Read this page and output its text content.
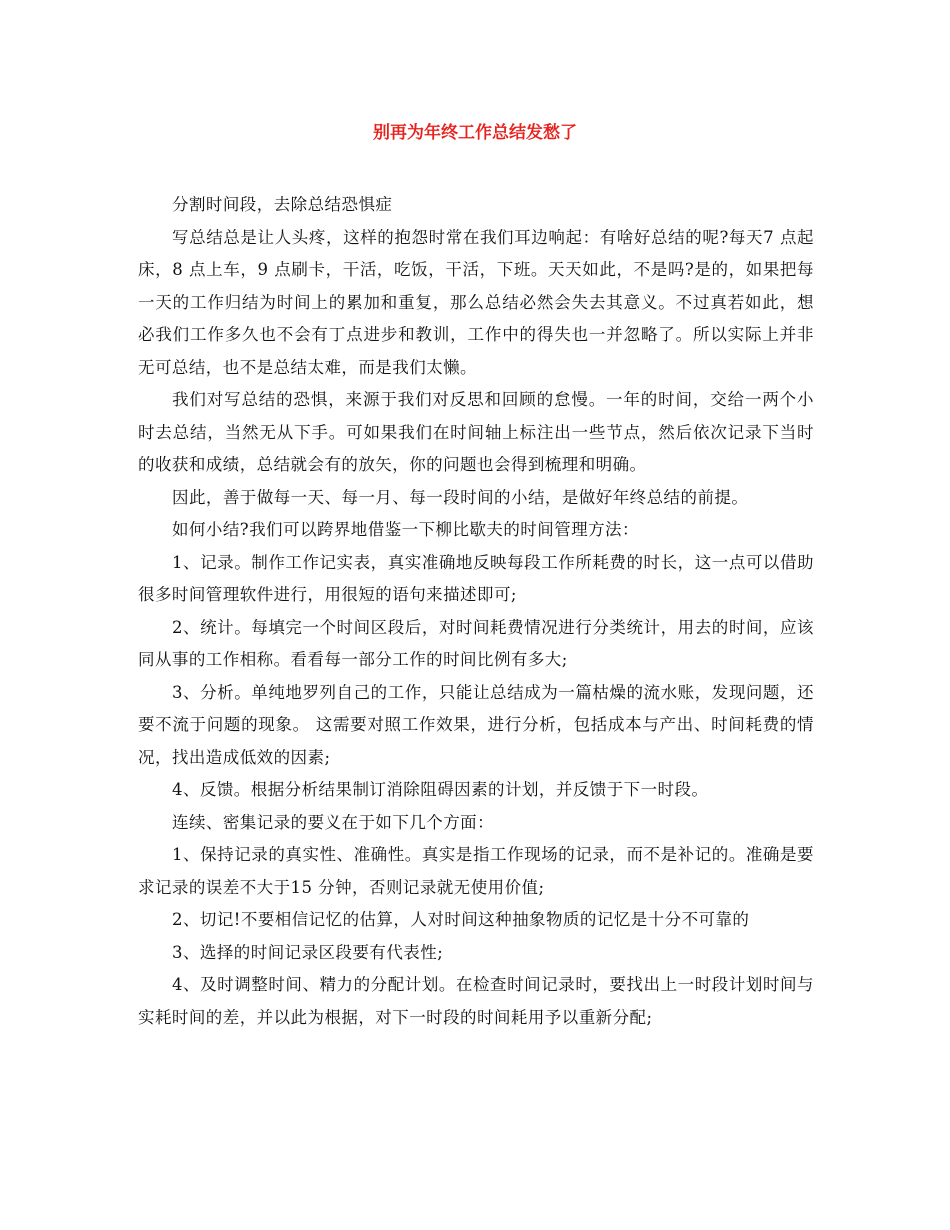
别再为年终工作总结发愁了

分割时间段，去除总结恐惧症

写总结总是让人头疼，这样的抱怨时常在我们耳边响起：有啥好总结的呢?每天7 点起床，8 点上车，9 点刷卡，干活，吃饭，干活，下班。天天如此，不是吗?是的，如果把每一天的工作归结为时间上的累加和重复，那么总结必然会失去其意义。不过真若如此，想必我们工作多久也不会有丁点进步和教训，工作中的得失也一并忽略了。所以实际上并非无可总结，也不是总结太难，而是我们太懒。

我们对写总结的恐惧，来源于我们对反思和回顾的怠慢。一年的时间，交给一两个小时去总结，当然无从下手。可如果我们在时间轴上标注出一些节点，然后依次记录下当时的收获和成绩，总结就会有的放矢，你的问题也会得到梳理和明确。

因此，善于做每一天、每一月、每一段时间的小结，是做好年终总结的前提。

如何小结?我们可以跨界地借鉴一下柳比歇夫的时间管理方法：

1、记录。制作工作记实表，真实准确地反映每段工作所耗费的时长，这一点可以借助很多时间管理软件进行，用很短的语句来描述即可;

2、统计。每填完一个时间区段后，对时间耗费情况进行分类统计，用去的时间，应该同从事的工作相称。看看每一部分工作的时间比例有多大;

3、分析。单纯地罗列自己的工作，只能让总结成为一篇枯燥的流水账，发现问题，还要不流于问题的现象。 这需要对照工作效果，进行分析，包括成本与产出、时间耗费的情况，找出造成低效的因素;

4、反馈。根据分析结果制订消除阻碍因素的计划，并反馈于下一时段。

连续、密集记录的要义在于如下几个方面：

1、保持记录的真实性、准确性。真实是指工作现场的记录，而不是补记的。准确是要求记录的误差不大于15 分钟，否则记录就无使用价值;

2、切记!不要相信记忆的估算，人对时间这种抽象物质的记忆是十分不可靠的

3、选择的时间记录区段要有代表性;

4、及时调整时间、精力的分配计划。在检查时间记录时，要找出上一时段计划时间与实耗时间的差，并以此为根据，对下一时段的时间耗用予以重新分配;
